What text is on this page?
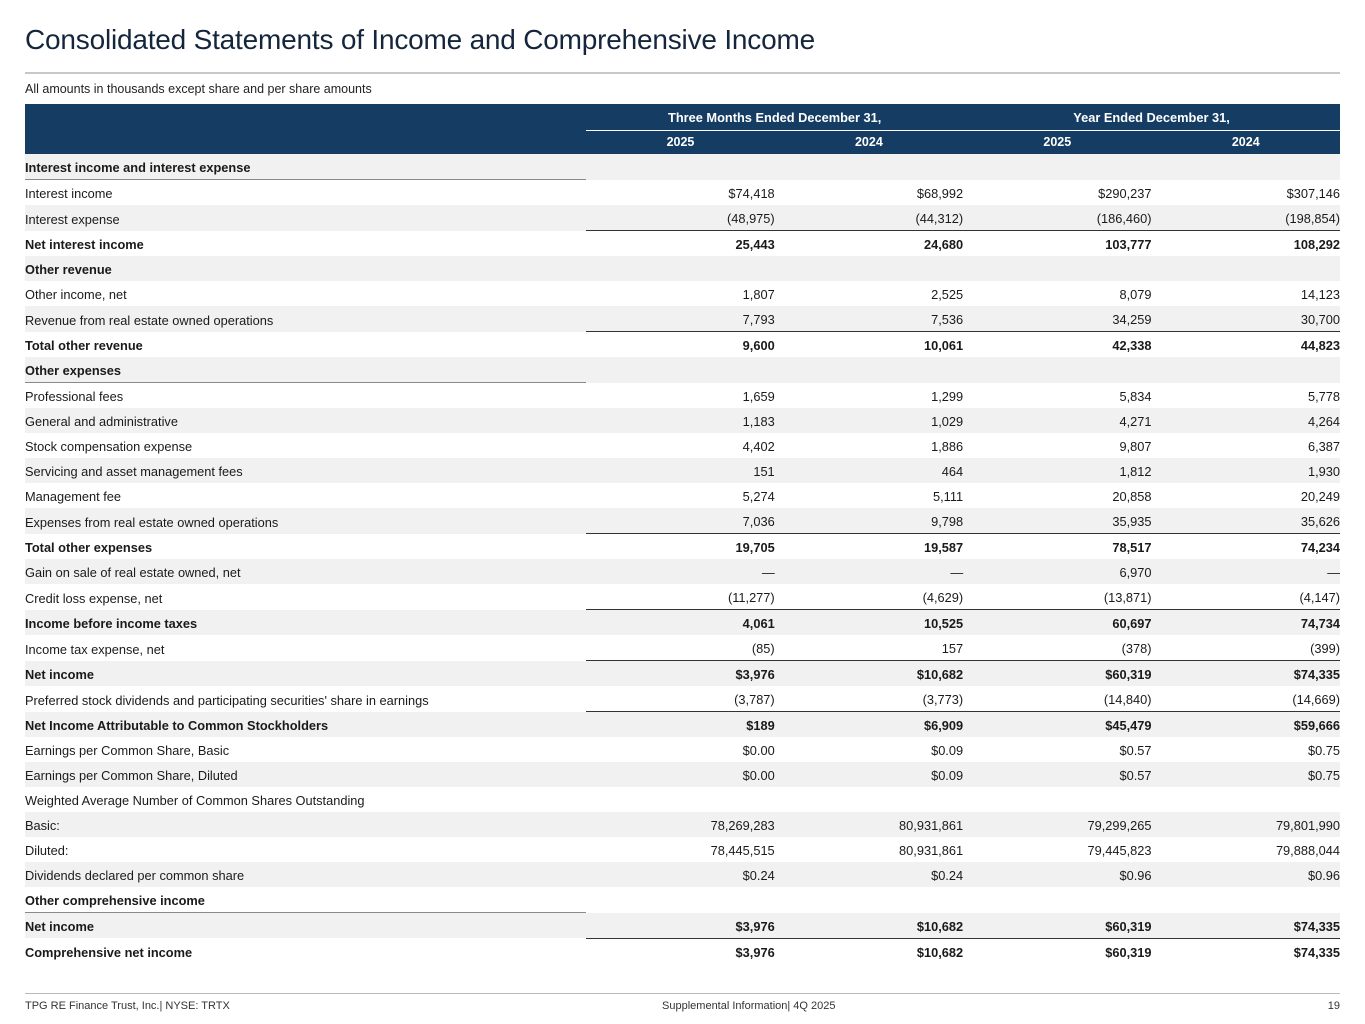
Consolidated Statements of Income and Comprehensive Income
All amounts in thousands except share and per share amounts
	Three Months Ended December 31,		Year Ended December 31,	
	2025	2024	2025	2024
Interest income and interest expense				
Interest income	$74,418	$68,992	$290,237	$307,146
Interest expense	(48,975)	(44,312)	(186,460)	(198,854)
Net interest income	25,443	24,680	103,777	108,292
Other revenue				
Other income, net	1,807	2,525	8,079	14,123
Revenue from real estate owned operations	7,793	7,536	34,259	30,700
Total other revenue	9,600	10,061	42,338	44,823
Other expenses				
Professional fees	1,659	1,299	5,834	5,778
General and administrative	1,183	1,029	4,271	4,264
Stock compensation expense	4,402	1,886	9,807	6,387
Servicing and asset management fees	151	464	1,812	1,930
Management fee	5,274	5,111	20,858	20,249
Expenses from real estate owned operations	7,036	9,798	35,935	35,626
Total other expenses	19,705	19,587	78,517	74,234
Gain on sale of real estate owned, net	—	—	6,970	—
Credit loss expense, net	(11,277)	(4,629)	(13,871)	(4,147)
Income before income taxes	4,061	10,525	60,697	74,734
Income tax expense, net	(85)	157	(378)	(399)
Net income	$3,976	$10,682	$60,319	$74,335
Preferred stock dividends and participating securities' share in earnings	(3,787)	(3,773)	(14,840)	(14,669)
Net Income Attributable to Common Stockholders	$189	$6,909	$45,479	$59,666
Earnings per Common Share, Basic	$0.00	$0.09	$0.57	$0.75
Earnings per Common Share, Diluted	$0.00	$0.09	$0.57	$0.75
Weighted Average Number of Common Shares Outstanding				
Basic:	78,269,283	80,931,861	79,299,265	79,801,990
Diluted:	78,445,515	80,931,861	79,445,823	79,888,044
Dividends declared per common share	$0.24	$0.24	$0.96	$0.96
Other comprehensive income				
Net income	$3,976	$10,682	$60,319	$74,335
Comprehensive net income	$3,976	$10,682	$60,319	$74,335
TPG RE Finance Trust, Inc.| NYSE: TRTX	Supplemental Information| 4Q 2025	19
